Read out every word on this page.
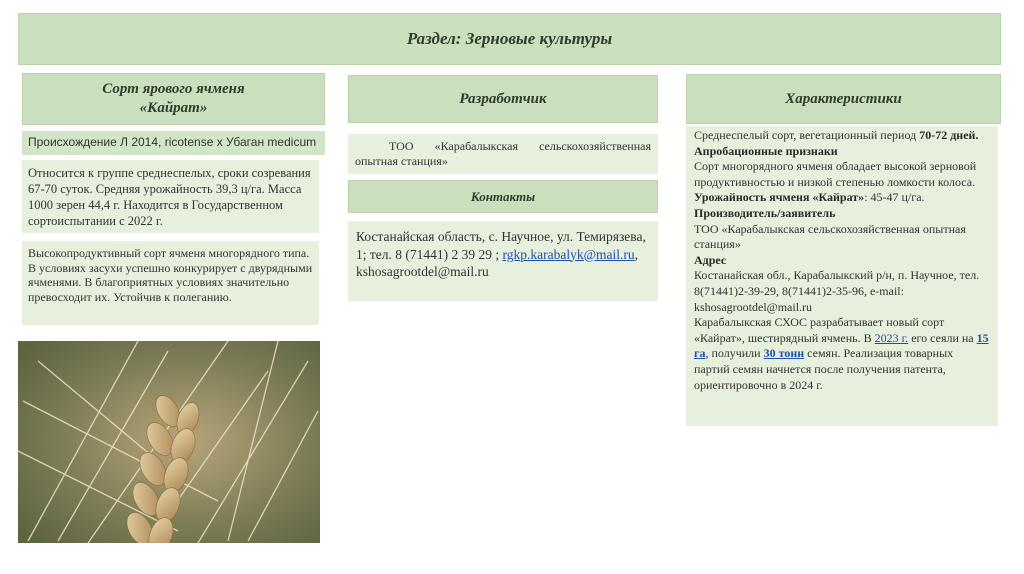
Раздел: Зерновые культуры
Сорт ярового ячменя
«Кайрат»
Происхождение Л 2014, ricotense x Убаган medicum
Относится к группе среднеспелых, сроки созревания 67-70 суток. Средняя урожайность 39,3 ц/га. Масса 1000 зерен 44,4 г. Находится в Государственном сортоиспытании с 2022 г.
Высокопродуктивный сорт ячменя многорядного типа. В условиях засухи успешно конкурирует с двурядными ячменями. В благоприятных условиях значительно превосходит их. Устойчив к полеганию.
Разработчик
ТОО «Карабалыкская сельскохозяйственная
опытная станция»
Контакты
Костанайская область, с. Научное, ул. Темирязева, 1; тел. 8 (71441) 2 39 29 ; rgkp.karabalyk@mail.ru,
kshosagrootdel@mail.ru
Характеристики
Среднеспелый сорт, вегетационный период 70-72 дней.
Апробационные признаки
Сорт многорядного ячменя обладает высокой зерновой продуктивностью и низкой степенью ломкости колоса.
Урожайность ячменя «Кайрат»: 45-47 ц/га.
Производитель/заявитель
ТОО «Карабалыкская сельскохозяйственная опытная станция»
Адрес
Костанайская обл., Карабалыкский р/н, п. Научное, тел. 8(71441)2-39-29, 8(71441)2-35-96, e-mail: kshosagrootdel@mail.ru
Карабалыкская СХОС разрабатывает новый сорт «Кайрат», шестирядный ячмень. В 2023 г. его сеяли на 15 га, получили 30 тонн семян. Реализация товарных партий семян начнется после получения патента, ориентировочно в 2024 г.
